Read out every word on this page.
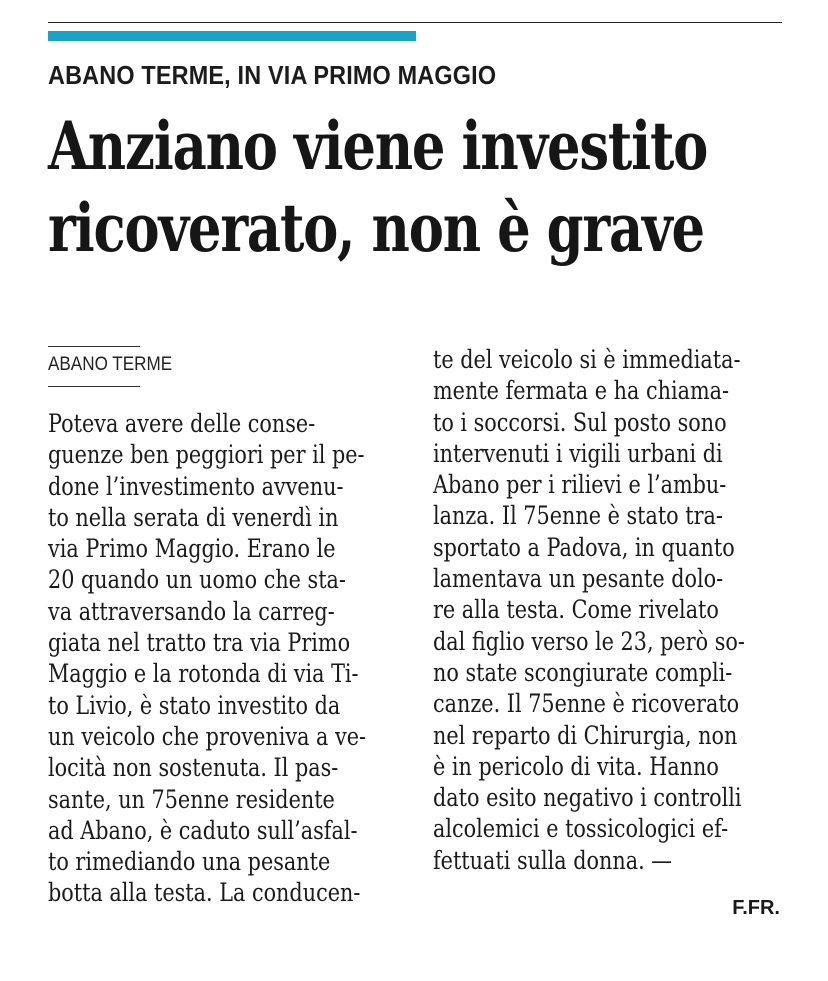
ABANO TERME, IN VIA PRIMO MAGGIO
Anziano viene investito
ricoverato, non è grave
ABANO TERME
Poteva avere delle conse-
guenze ben peggiori per il pe-
done l’investimento avvenu-
to nella serata di venerdì in
via Primo Maggio. Erano le
20 quando un uomo che sta-
va attraversando la carreg-
giata nel tratto tra via Primo
Maggio e la rotonda di via Ti-
to Livio, è stato investito da
un veicolo che proveniva a ve-
locità non sostenuta. Il pas-
sante, un 75enne residente
ad Abano, è caduto sull’asfal-
to rimediando una pesante
botta alla testa. La conducen-
te del veicolo si è immediata-
mente fermata e ha chiama-
to i soccorsi. Sul posto sono
intervenuti i vigili urbani di
Abano per i rilievi e l’ambu-
lanza. Il 75enne è stato tra-
sportato a Padova, in quanto
lamentava un pesante dolo-
re alla testa. Come rivelato
dal figlio verso le 23, però so-
no state scongiurate compli-
canze. Il 75enne è ricoverato
nel reparto di Chirurgia, non
è in pericolo di vita. Hanno
dato esito negativo i controlli
alcolemici e tossicologici ef-
fettuati sulla donna. —
F.FR.
